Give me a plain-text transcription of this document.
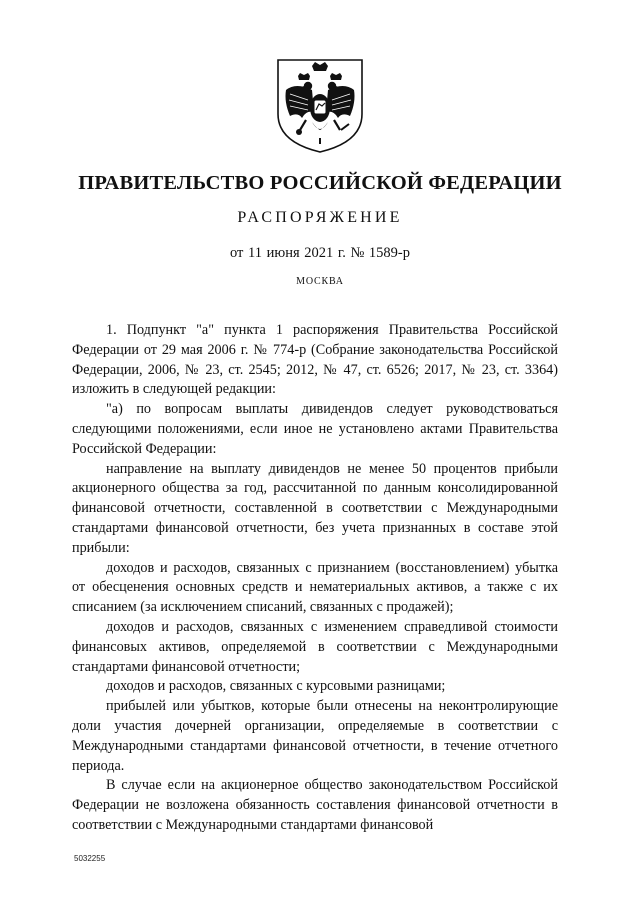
ПРАВИТЕЛЬСТВО РОССИЙСКОЙ ФЕДЕРАЦИИ
РАСПОРЯЖЕНИЕ
от 11 июня 2021 г. № 1589-р
МОСКВА

1. Подпункт "а" пункта 1 распоряжения Правительства Российской Федерации от 29 мая 2006 г. № 774-р (Собрание законодательства Российской Федерации, 2006, № 23, ст. 2545; 2012, № 47, ст. 6526; 2017, № 23, ст. 3364) изложить в следующей редакции:

"а) по вопросам выплаты дивидендов следует руководствоваться следующими положениями, если иное не установлено актами Правительства Российской Федерации:

направление на выплату дивидендов не менее 50 процентов прибыли акционерного общества за год, рассчитанной по данным консолидированной финансовой отчетности, составленной в соответствии с Международными стандартами финансовой отчетности, без учета признанных в составе этой прибыли:

доходов и расходов, связанных с признанием (восстановлением) убытка от обесценения основных средств и нематериальных активов, а также с их списанием (за исключением списаний, связанных с продажей);

доходов и расходов, связанных с изменением справедливой стоимости финансовых активов, определяемой в соответствии с Международными стандартами финансовой отчетности;

доходов и расходов, связанных с курсовыми разницами;

прибылей или убытков, которые были отнесены на неконтролирующие доли участия дочерней организации, определяемые в соответствии с Международными стандартами финансовой отчетности, в течение отчетного периода.

В случае если на акционерное общество законодательством Российской Федерации не возложена обязанность составления финансовой отчетности в соответствии с Международными стандартами финансовой

5032255
